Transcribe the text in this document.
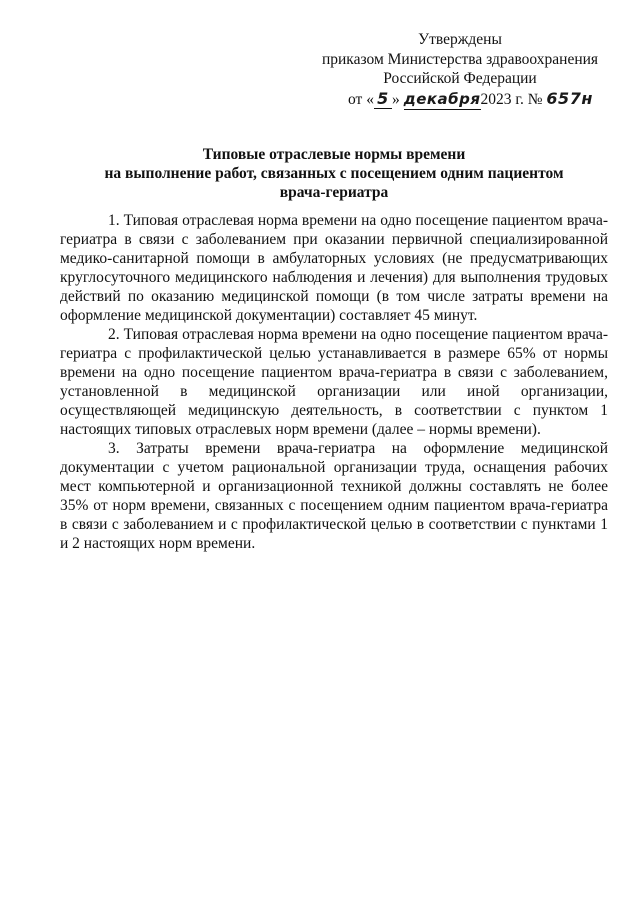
Утверждены
приказом Министерства здравоохранения
Российской Федерации
от « 5 » декабря2023 г. № 657н
Типовые отраслевые нормы времени
на выполнение работ, связанных с посещением одним пациентом
врача-гериатра

1. Типовая отраслевая норма времени на одно посещение пациентом врача-гериатра в связи с заболеванием при оказании первичной специализированной медико-санитарной помощи в амбулаторных условиях (не предусматривающих круглосуточного медицинского наблюдения и лечения) для выполнения трудовых действий по оказанию медицинской помощи (в том числе затраты времени на оформление медицинской документации) составляет 45 минут.

2. Типовая отраслевая норма времени на одно посещение пациентом врача-гериатра с профилактической целью устанавливается в размере 65% от нормы времени на одно посещение пациентом врача-гериатра в связи с заболеванием, установленной в медицинской организации или иной организации, осуществляющей медицинскую деятельность, в соответствии с пунктом 1 настоящих типовых отраслевых норм времени (далее – нормы времени).

3. Затраты времени врача-гериатра на оформление медицинской документации с учетом рациональной организации труда, оснащения рабочих мест компьютерной и организационной техникой должны составлять не более 35% от норм времени, связанных с посещением одним пациентом врача-гериатра в связи с заболеванием и с профилактической целью в соответствии с пунктами 1 и 2 настоящих норм времени.
